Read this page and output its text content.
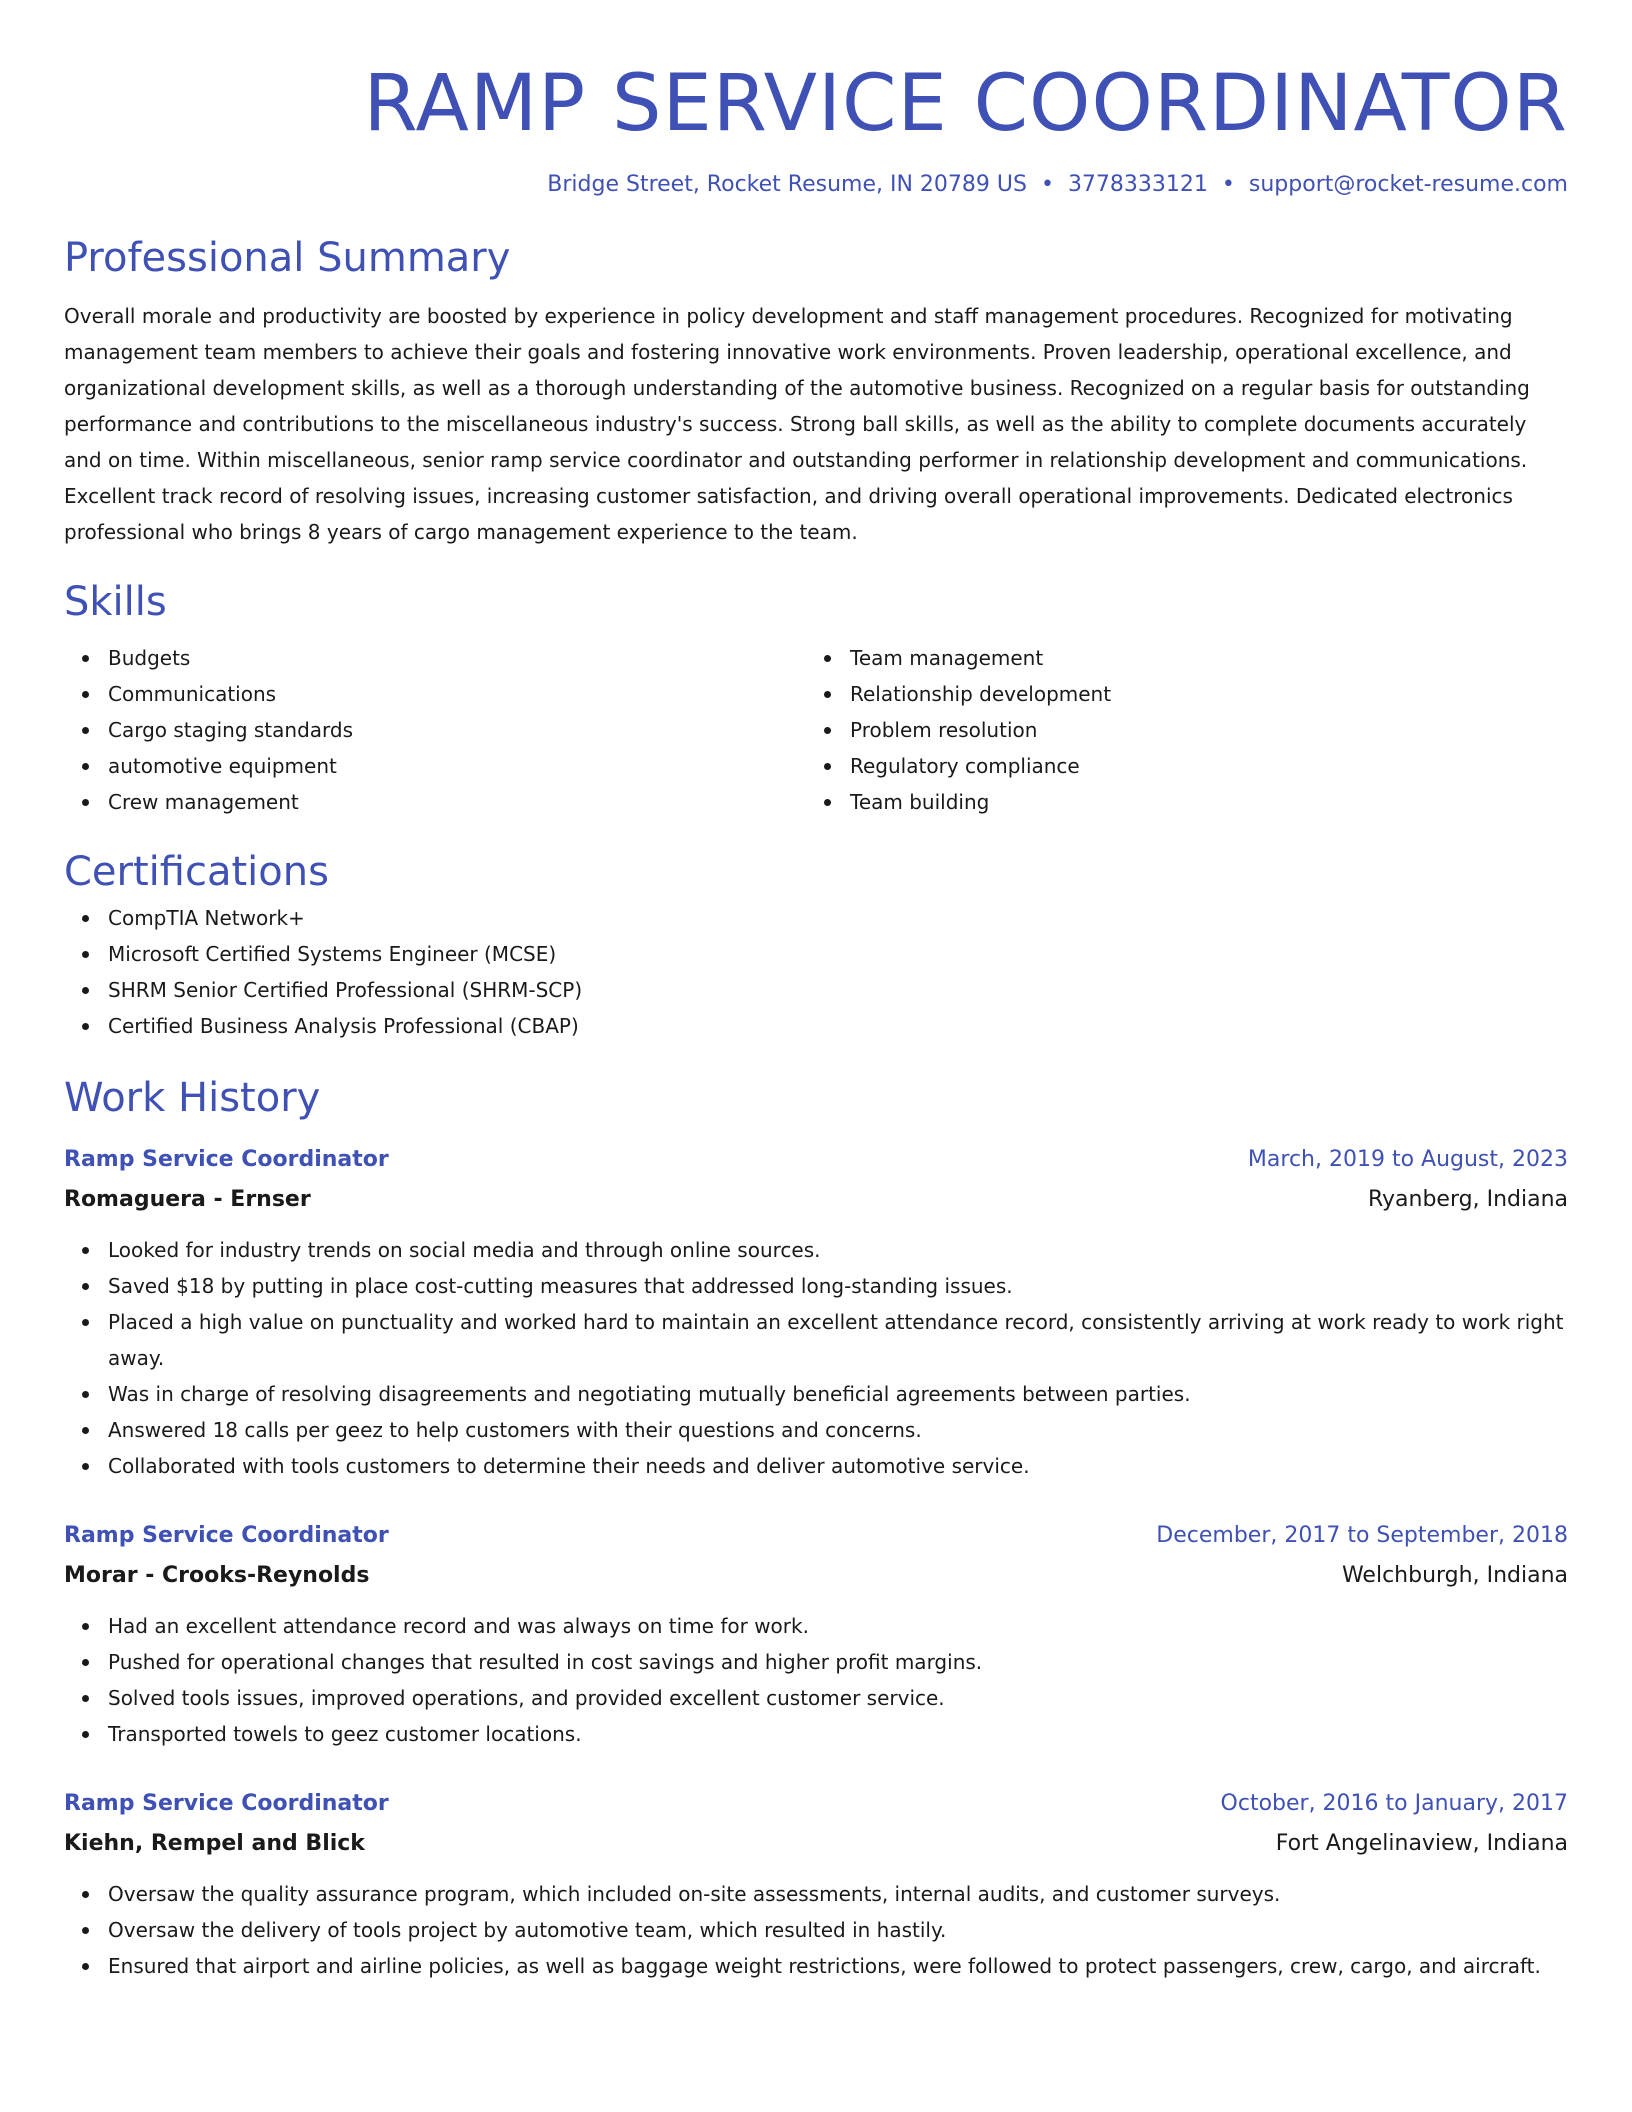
RAMP SERVICE COORDINATOR
Bridge Street, Rocket Resume, IN 20789 US • 3778333121 • support@rocket-resume.com
Professional Summary
Overall morale and productivity are boosted by experience in policy development and staff management procedures. Recognized for motivating management team members to achieve their goals and fostering innovative work environments. Proven leadership, operational excellence, and organizational development skills, as well as a thorough understanding of the automotive business. Recognized on a regular basis for outstanding performance and contributions to the miscellaneous industry's success. Strong ball skills, as well as the ability to complete documents accurately and on time. Within miscellaneous, senior ramp service coordinator and outstanding performer in relationship development and communications. Excellent track record of resolving issues, increasing customer satisfaction, and driving overall operational improvements. Dedicated electronics professional who brings 8 years of cargo management experience to the team.
Skills
Budgets
Communications
Cargo staging standards
automotive equipment
Crew management
Team management
Relationship development
Problem resolution
Regulatory compliance
Team building
Certifications
CompTIA Network+
Microsoft Certified Systems Engineer (MCSE)
SHRM Senior Certified Professional (SHRM-SCP)
Certified Business Analysis Professional (CBAP)
Work History
Ramp Service Coordinator	March, 2019 to August, 2023
Romaguera - Ernser	Ryanberg, Indiana
Looked for industry trends on social media and through online sources.
Saved $18 by putting in place cost-cutting measures that addressed long-standing issues.
Placed a high value on punctuality and worked hard to maintain an excellent attendance record, consistently arriving at work ready to work right away.
Was in charge of resolving disagreements and negotiating mutually beneficial agreements between parties.
Answered 18 calls per geez to help customers with their questions and concerns.
Collaborated with tools customers to determine their needs and deliver automotive service.
Ramp Service Coordinator	December, 2017 to September, 2018
Morar - Crooks-Reynolds	Welchburgh, Indiana
Had an excellent attendance record and was always on time for work.
Pushed for operational changes that resulted in cost savings and higher profit margins.
Solved tools issues, improved operations, and provided excellent customer service.
Transported towels to geez customer locations.
Ramp Service Coordinator	October, 2016 to January, 2017
Kiehn, Rempel and Blick	Fort Angelinaview, Indiana
Oversaw the quality assurance program, which included on-site assessments, internal audits, and customer surveys.
Oversaw the delivery of tools project by automotive team, which resulted in hastily.
Ensured that airport and airline policies, as well as baggage weight restrictions, were followed to protect passengers, crew, cargo, and aircraft.
